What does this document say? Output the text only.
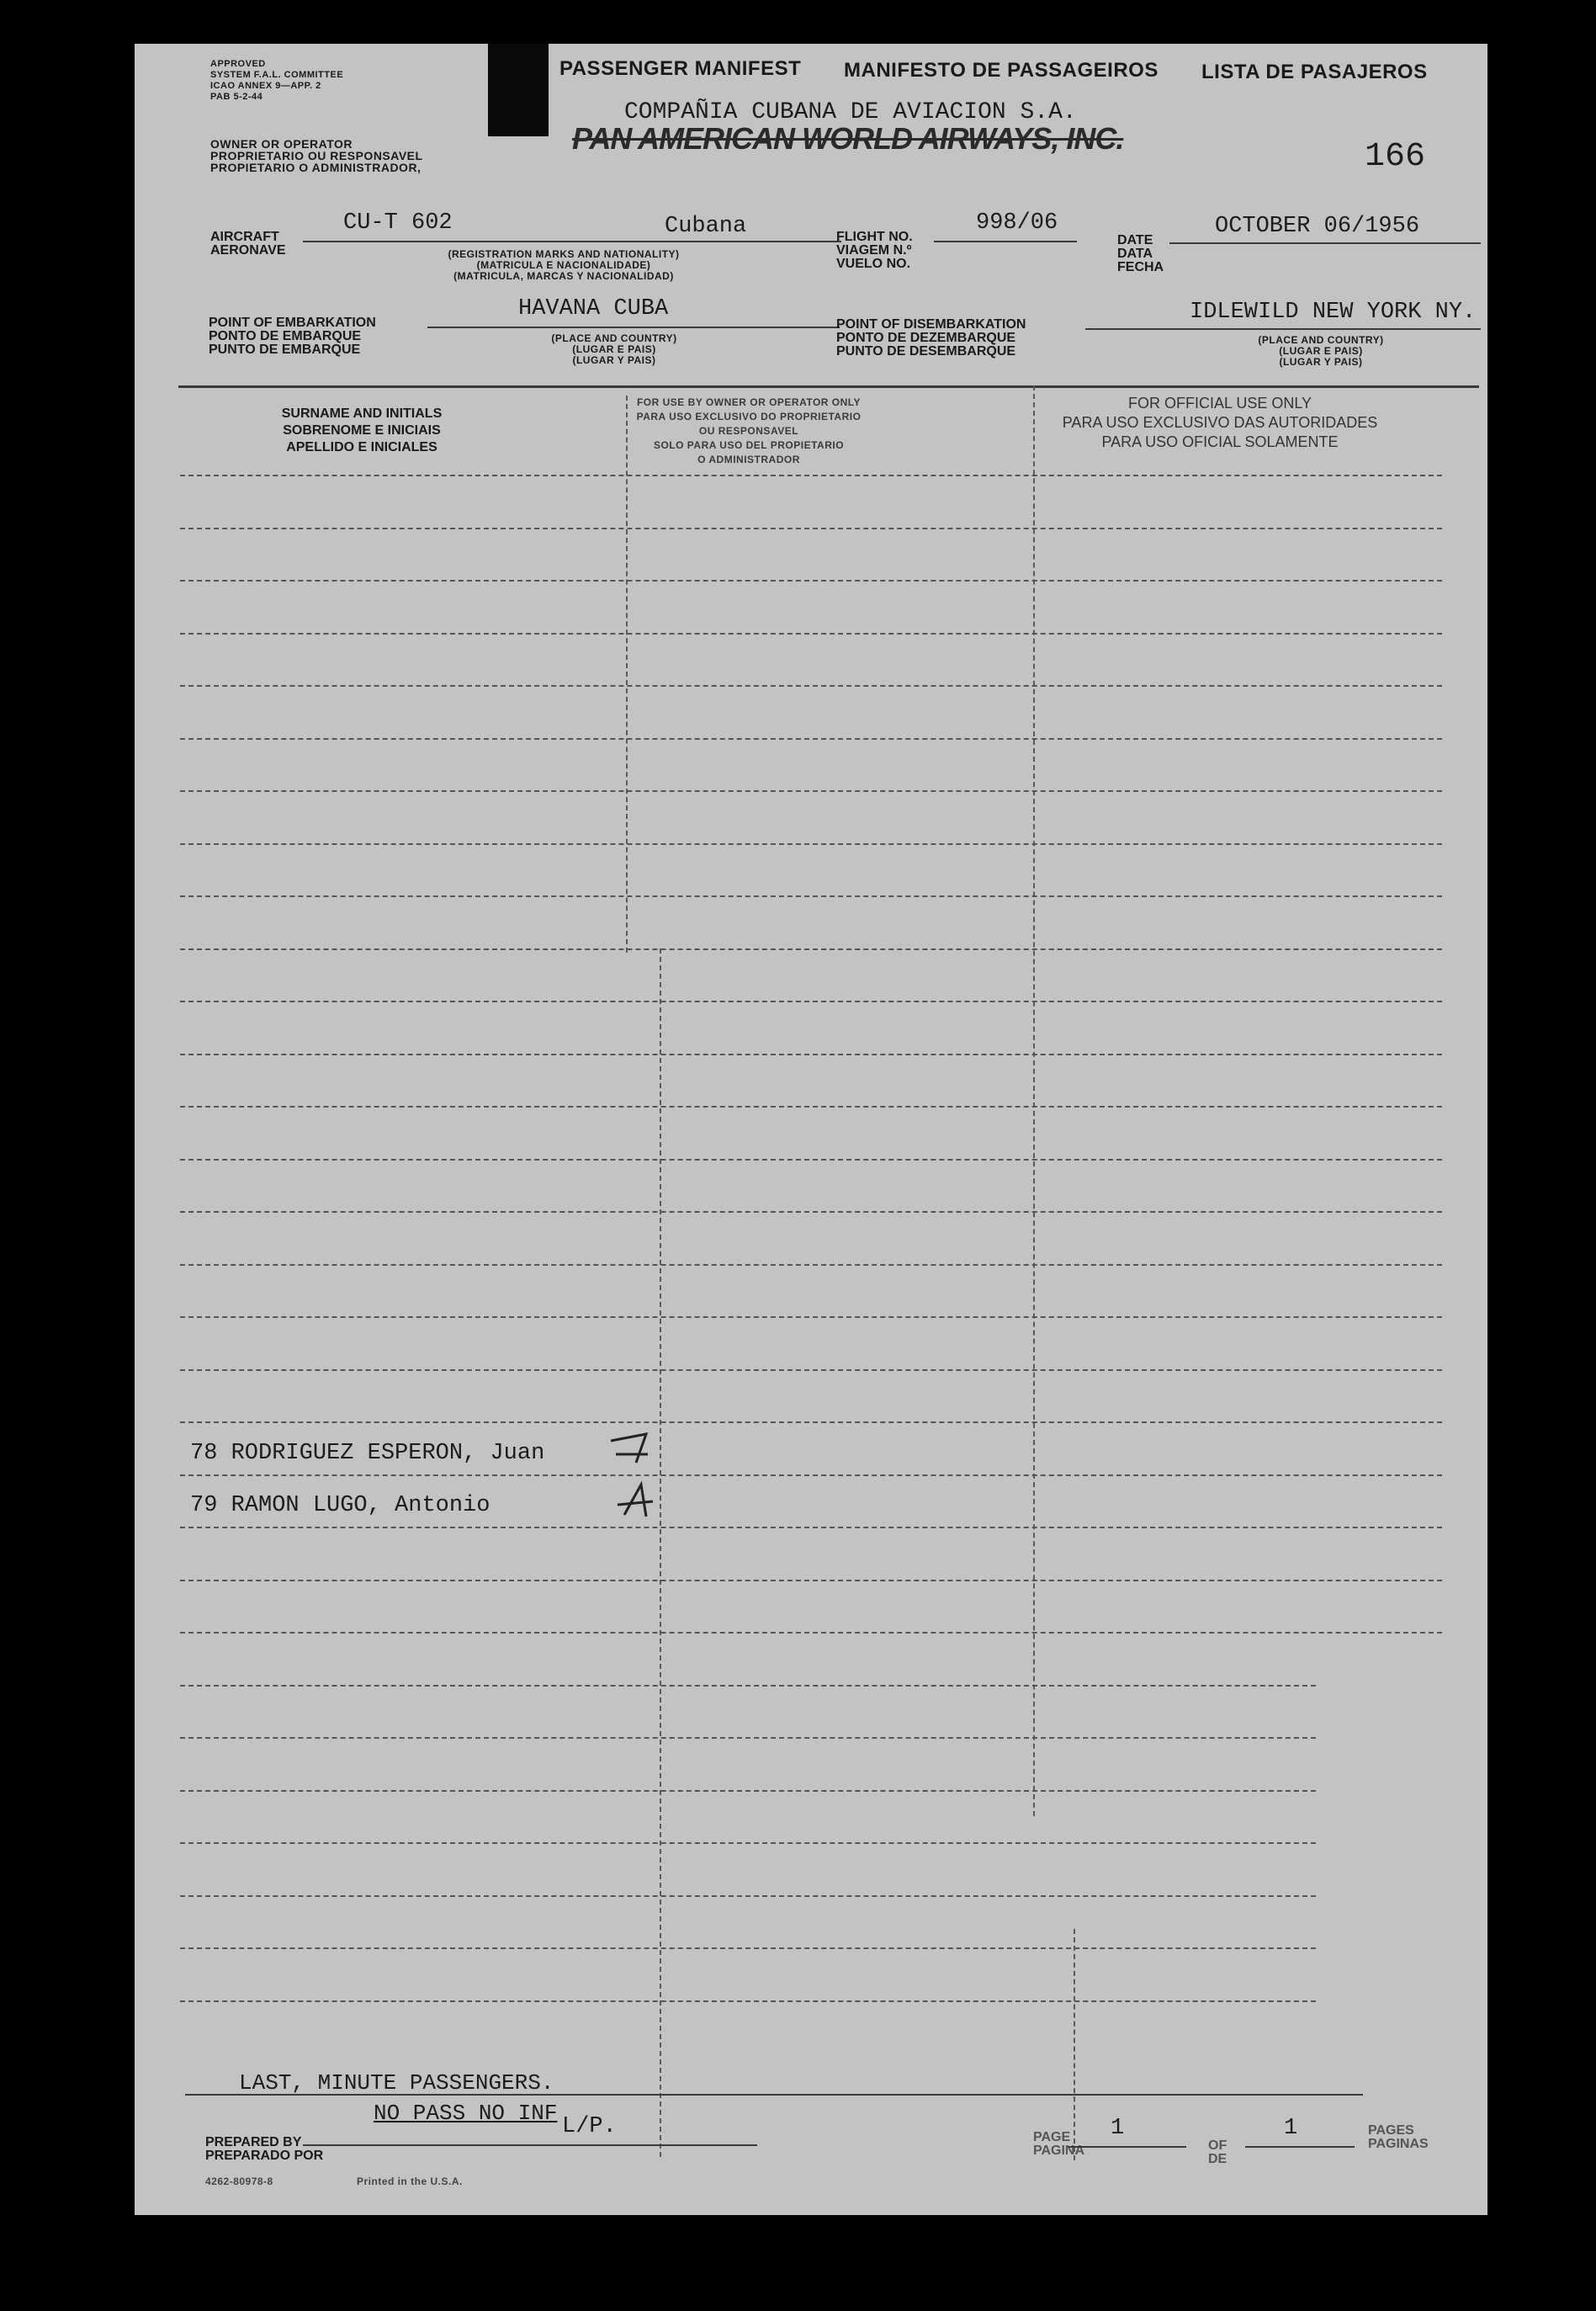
APPROVED
SYSTEM F.A.L. COMMITTEE
ICAO ANNEX 9—APP. 2
PAB 5-2-44
OWNER OR OPERATOR
PROPRIETARIO OU RESPONSAVEL
PROPIETARIO O ADMINISTRADOR,
PASSENGER MANIFEST MANIFESTO DE PASSAGEIROS LISTA DE PASAJEROS
COMPAÑIA CUBANA DE AVIACION S.A.
PAN AMERICAN WORLD AIRWAYS, INC.	166
AIRCRAFT
AERONAVE
CU-T 602	Cubana
(REGISTRATION MARKS AND NATIONALITY)
(MATRICULA E NACIONALIDADE)
(MATRICULA, MARCAS Y NACIONALIDAD)
FLIGHT NO.
VIAGEM N.º
VUELO NO.
998/06
DATE
DATA
FECHA
OCTOBER 06/1956
POINT OF EMBARKATION
PONTO DE EMBARQUE
PUNTO DE EMBARQUE
HAVANA CUBA
(PLACE AND COUNTRY)
(LUGAR E PAIS)
(LUGAR Y PAIS)
POINT OF DISEMBARKATION
PONTO DE DEZEMBARQUE
PUNTO DE DESEMBARQUE
IDLEWILD NEW YORK NY.
(PLACE AND COUNTRY)
(LUGAR E PAIS)
(LUGAR Y PAIS)
SURNAME AND INITIALS
SOBRENOME E INICIAIS
APELLIDO E INICIALES
FOR USE BY OWNER OR OPERATOR ONLY
PARA USO EXCLUSIVO DO PROPRIETARIO
OU RESPONSAVEL
SOLO PARA USO DEL PROPIETARIO
O ADMINISTRADOR
FOR OFFICIAL USE ONLY
PARA USO EXCLUSIVO DAS AUTORIDADES
PARA USO OFICIAL SOLAMENTE
78 RODRIGUEZ ESPERON, Juan
79 RAMON LUGO, Antonio
LAST, MINUTE PASSENGERS.
NO PASS NO INF
PREPARED BY
PREPARADO POR
L/P.	PAGE
PAGINA
1
OF
DE
1	PAGES
PAGINAS
4262-80978-8	Printed in the U.S.A.
